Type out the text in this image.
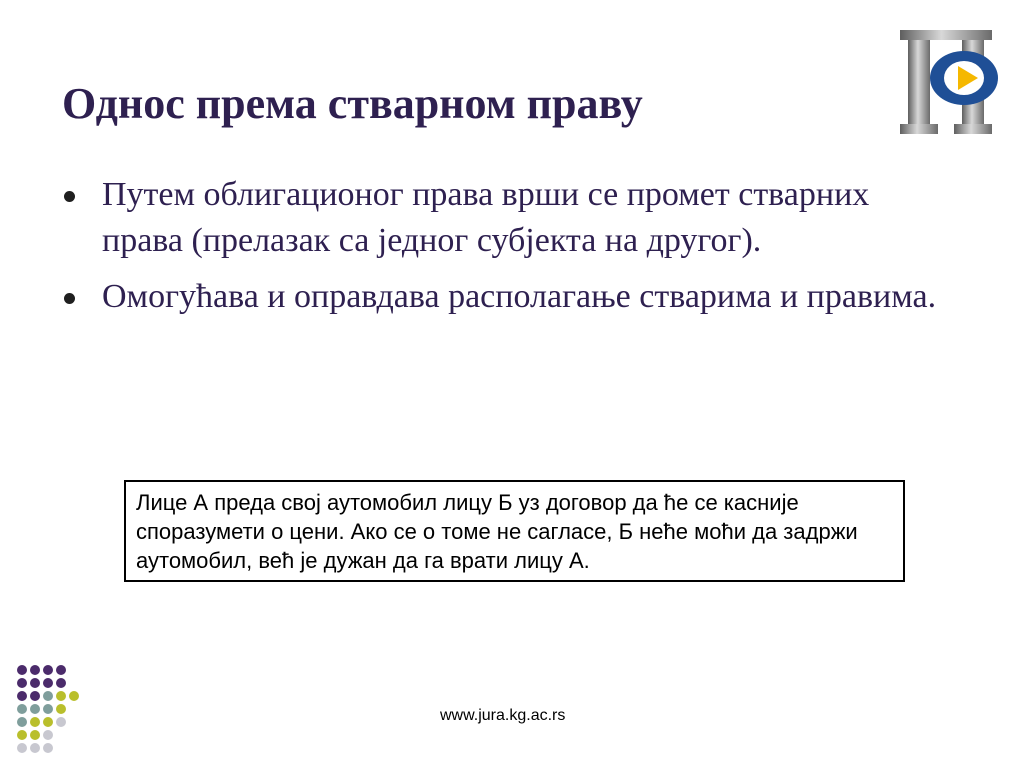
Однос према стварном праву
Путем облигационог права врши се промет стварних права (прелазак са једног субјекта на другог).
Омогућава и оправдава располагање стварима и правима.
Лице А преда свој аутомобил лицу Б уз договор да ће се касније споразумети о цени. Ако се о томе не сагласе, Б неће моћи да задржи аутомобил, већ је дужан да га врати лицу А.
www.jura.kg.ac.rs
